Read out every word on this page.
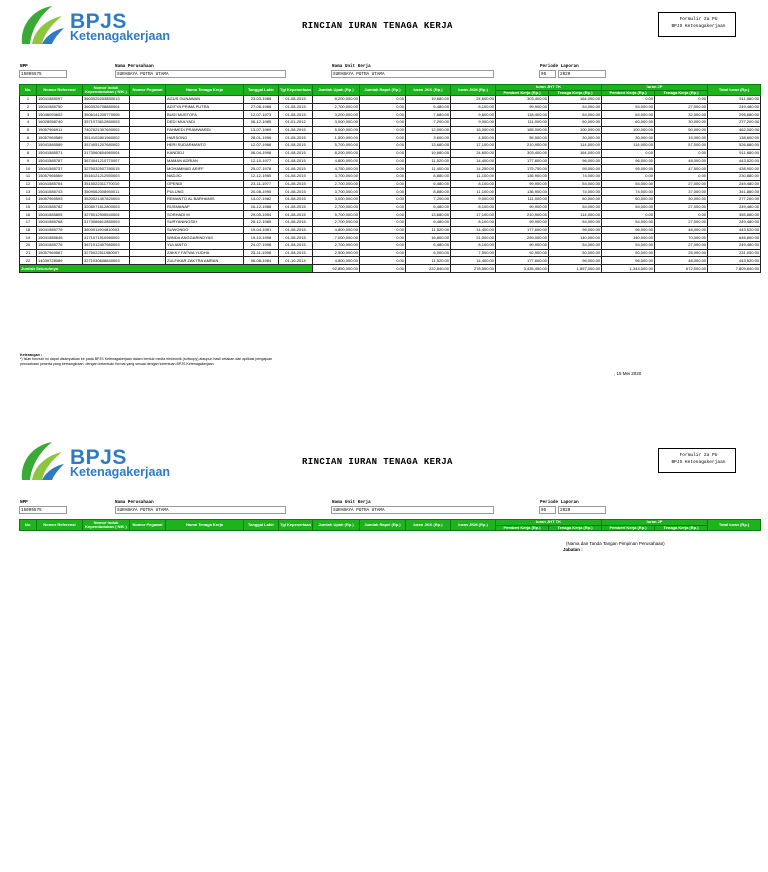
BPJS
Ketenagakerjaan
RINCIAN IURAN TENAGA KERJA
Formulir 2a PU
BPJS Ketenagakerjaan
NPP
15005575
Nama Perusahaan
SURABAYA PUTRA UTAMA
Nama Unit Kerja
SURABAYA PUTRA UTAMA
Periode Laporan
05	2020
No.	Nomor Referensi	Nomor Induk Kependudukan ( NIK )	Nomor Pegawai	Nama Tenaga Kerja	Tanggal Lahir	Tgl Kepesertaan	Jumlah Upah (Rp.)	Jumlah Rapel (Rp.)	Iuran JKK (Rp.)	Iuran JKM (Rp.)	Iuran JHT TK		Iuran JP		Total Iuran (Rp.)
											Pemberi Kerja (Rp.)	Tenaga Kerja (Rp.)	Pemberi Kerja (Rp.)	Tenaga Kerja (Rp.)	
1	15041585097	3603025203850013		AGUS GUNAWAN	23-03-1988	01-08-2015	8,200,000.00	0.00	19,680.00	24,600.00	303,400.00	164,000.00	0.00	0.00	511,680.00
2	15041585750	3603026708880004		ADITYA PRIMA PUTRA	27-08-1988	01-08-2015	2,700,000.00	0.00	6,480.00	8,100.00	99,900.00	54,000.00	54,000.00	27,000.00	249,480.00
3	15046093602	3506141205770005		BUDI MUSTOFA	12-07-1973	01-08-2015	3,200,000.00	0.00	7,680.00	9,600.00	118,400.00	64,000.00	64,000.00	32,000.00	295,680.00
4	16028058740	3571073612850003		DEDI MULYADI	06-12-1985	01-01-2012	3,000,000.00	0.00	7,200.00	9,000.00	111,000.00	60,000.00	60,000.00	30,000.00	277,200.00
5	15057966911	7407021307690002		FAHMEDI PRAMWARDI	13-07-1969	01-08-2015	5,000,000.00	0.00	12,000.00	15,000.00	185,000.00	100,000.00	100,000.00	50,000.00	462,000.00
6	15057969589	3514102801960002		HARSONO	28-01-1996	01-08-2015	1,500,000.00	0.00	3,600.00	4,500.00	55,500.00	30,000.00	30,000.00	15,000.00	138,600.00
7	15041585589	3574051207680002		HERI SUDARMANTO	12-07-1968	01-08-2015	5,700,000.00	0.00	13,680.00	17,100.00	210,900.00	114,000.00	114,000.00	57,000.00	526,680.00
8	15041585571	3173060604980004		KANDIDJ	06-04-1998	01-08-2015	8,200,000.00	0.00	19,680.00	24,600.00	303,400.00	164,000.00	0.00	0.00	511,680.00
9	15041585787	3674041210770007		MAMAN ADRIAN	12-10-1977	01-08-2015	4,800,000.00	0.00	11,520.00	14,400.00	177,600.00	96,000.00	96,000.00	48,000.00	443,520.00
10	15041585737	3275032507780015		MOHAMMAD ARIFF	25-07-1978	01-08-2015	4,750,000.00	0.00	11,400.00	14,250.00	175,750.00	95,000.00	95,000.00	47,500.00	438,900.00
11	15057966569	3516121212550003		NADJIO	12-12-1955	01-08-2015	3,700,000.00	0.00	8,880.00	11,100.00	136,900.00	74,000.00	0.00	0.00	230,880.00
12	15041585764	3515022311770010		OPENDI	23-11-1977	01-08-2015	2,700,000.00	0.00	6,480.00	8,100.00	99,900.00	54,000.00	54,000.00	27,000.00	249,480.00
13	15041585743	3509062008950011		PULUNG	20-08-1995	01-08-2015	3,700,000.00	0.00	8,880.00	11,100.00	136,900.00	74,000.00	74,000.00	37,000.00	341,880.00
14	15057969593	3520021407820003		REMANTO AL BARHAMIS	14-07-1982	01-08-2015	3,000,000.00	0.00	7,200.00	9,000.00	111,000.00	60,000.00	60,000.00	30,000.00	277,200.00
15	15041585782	3208071612800003		RUSMANAP	16-12-1988	01-08-2015	2,700,000.00	0.00	6,480.00	8,100.00	99,900.00	54,000.00	54,000.00	27,000.00	249,480.00
16	15041585805	3275012905540004		SORHADI M	29-05-1954	01-08-2015	5,700,000.00	0.00	13,680.00	17,100.00	210,900.00	114,000.00	0.00	0.00	355,680.00
17	15041585768	3173066612850003		SURYANINGSIH	26-12-1985	01-08-2015	2,700,000.00	0.00	6,480.00	8,100.00	99,900.00	54,000.00	54,000.00	27,000.00	249,480.00
18	15041585776	3603011904810003		SUWONDO	19-04-1981	01-08-2015	4,800,000.00	0.00	11,520.00	14,400.00	177,600.00	96,000.00	96,000.00	48,000.00	443,520.00
19	15041585645	3171071910980002		WINDA ANGGARINDYAS	19-10-1998	01-08-2015	7,000,000.00	0.00	16,800.00	21,000.00	259,000.00	140,000.00	140,000.00	70,000.00	646,800.00
20	15041585776	3671012407980003		YULIANTO	24-07-1998	01-08-2015	2,700,000.00	0.00	6,480.00	8,100.00	99,900.00	54,000.00	54,000.00	27,000.00	249,480.00
21	15057969567	3275022511980007		ZAKKY FATWA YUDHA	25-11-1998	01-08-2015	2,500,000.00	0.00	6,000.00	7,500.00	92,500.00	50,000.00	50,000.00	25,000.00	231,000.00
22	14039728089	3271030608840003		ZULFIKAR ZAKTRA AMRAN	06-08-1984	01-10-2014	4,800,000.00	0.00	11,520.00	14,400.00	177,600.00	96,000.00	96,000.00	48,000.00	443,520.00
Jumlah Seluruhnya							92,850,000.00	0.00	222,840.00	278,550.00	3,435,450.00	1,857,000.00	1,344,000.00	672,000.00	7,809,840.00
Keterangan :
*) Isian formulir ini dapat disampaikan ke pada BPJS Ketenagakerjaan dalam bentuk media elektronik (softcopy) ataupun hasil cetakan dari aplikasi pengajuan perusahaan peserta yang bersangkutan, dengan ketentuan format yang sesuai dengan ketentuan BPJS Ketenagakerjaan
, 15 Mei 2020
BPJS
Ketenagakerjaan
RINCIAN IURAN TENAGA KERJA
Formulir 2a PU
BPJS Ketenagakerjaan
NPP
15005575
Nama Perusahaan
SURABAYA PUTRA UTAMA
Nama Unit Kerja
SURABAYA PUTRA UTAMA
Periode Laporan
05	2020
No.	Nomor Referensi	Nomor Induk Kependudukan ( NIK )	Nomor Pegawai	Nama Tenaga Kerja	Tanggal Lahir	Tgl Kepesertaan	Jumlah Upah (Rp.)	Jumlah Rapel (Rp.)	Iuran JKK (Rp.)	Iuran JKM (Rp.)	Iuran JHT TK		Iuran JP		Total Iuran (Rp.)
											Pemberi Kerja (Rp.)	Tenaga Kerja (Rp.)	Pemberi Kerja (Rp.)	Tenaga Kerja (Rp.)	
(Nama dan Tanda Tangan Pimpinan Perusahaan)
Jabatan :
